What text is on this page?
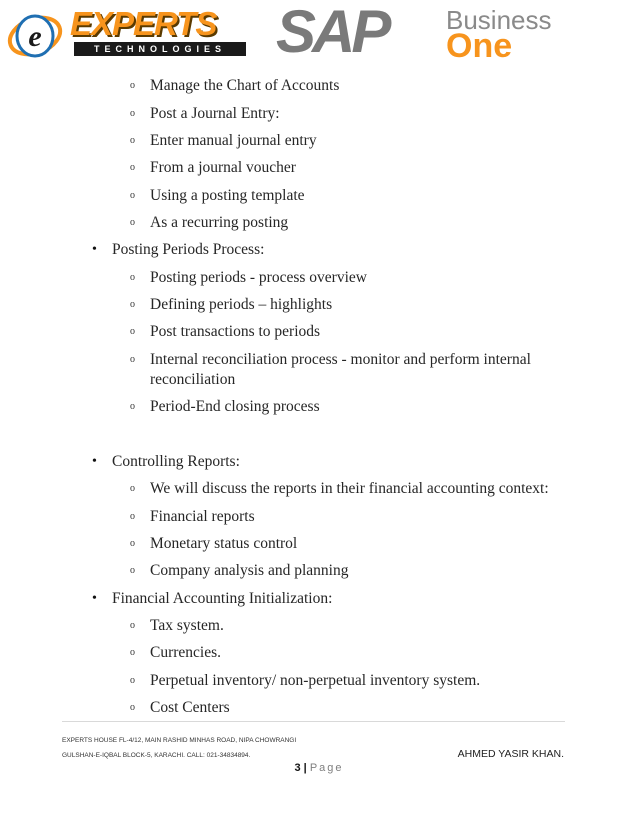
e EXPERTS
TECHNOLOGIES SAP	Business
One
o Manage the Chart of Accounts
o Post a Journal Entry:
o Enter manual journal entry
o From a journal voucher
o Using a posting template
o As a recurring posting
• Posting Periods Process:
o Posting periods - process overview
o Defining periods – highlights
o Post transactions to periods
o Internal reconciliation process - monitor and perform internal reconciliation
o Period-End closing process
• Controlling Reports:
o We will discuss the reports in their financial accounting context:
o Financial reports
o Monetary status control
o Company analysis and planning
• Financial Accounting Initialization:
o Tax system.
o Currencies.
o Perpetual inventory/ non-perpetual inventory system.
o Cost Centers
EXPERTS HOUSE FL-4/12, MAIN RASHID MINHAS ROAD, NIPA CHOWRANGI
GULSHAN-E-IQBAL BLOCK-5, KARACHI. CALL: 021-34834894.	AHMED YASIR KHAN.
3 | Page
